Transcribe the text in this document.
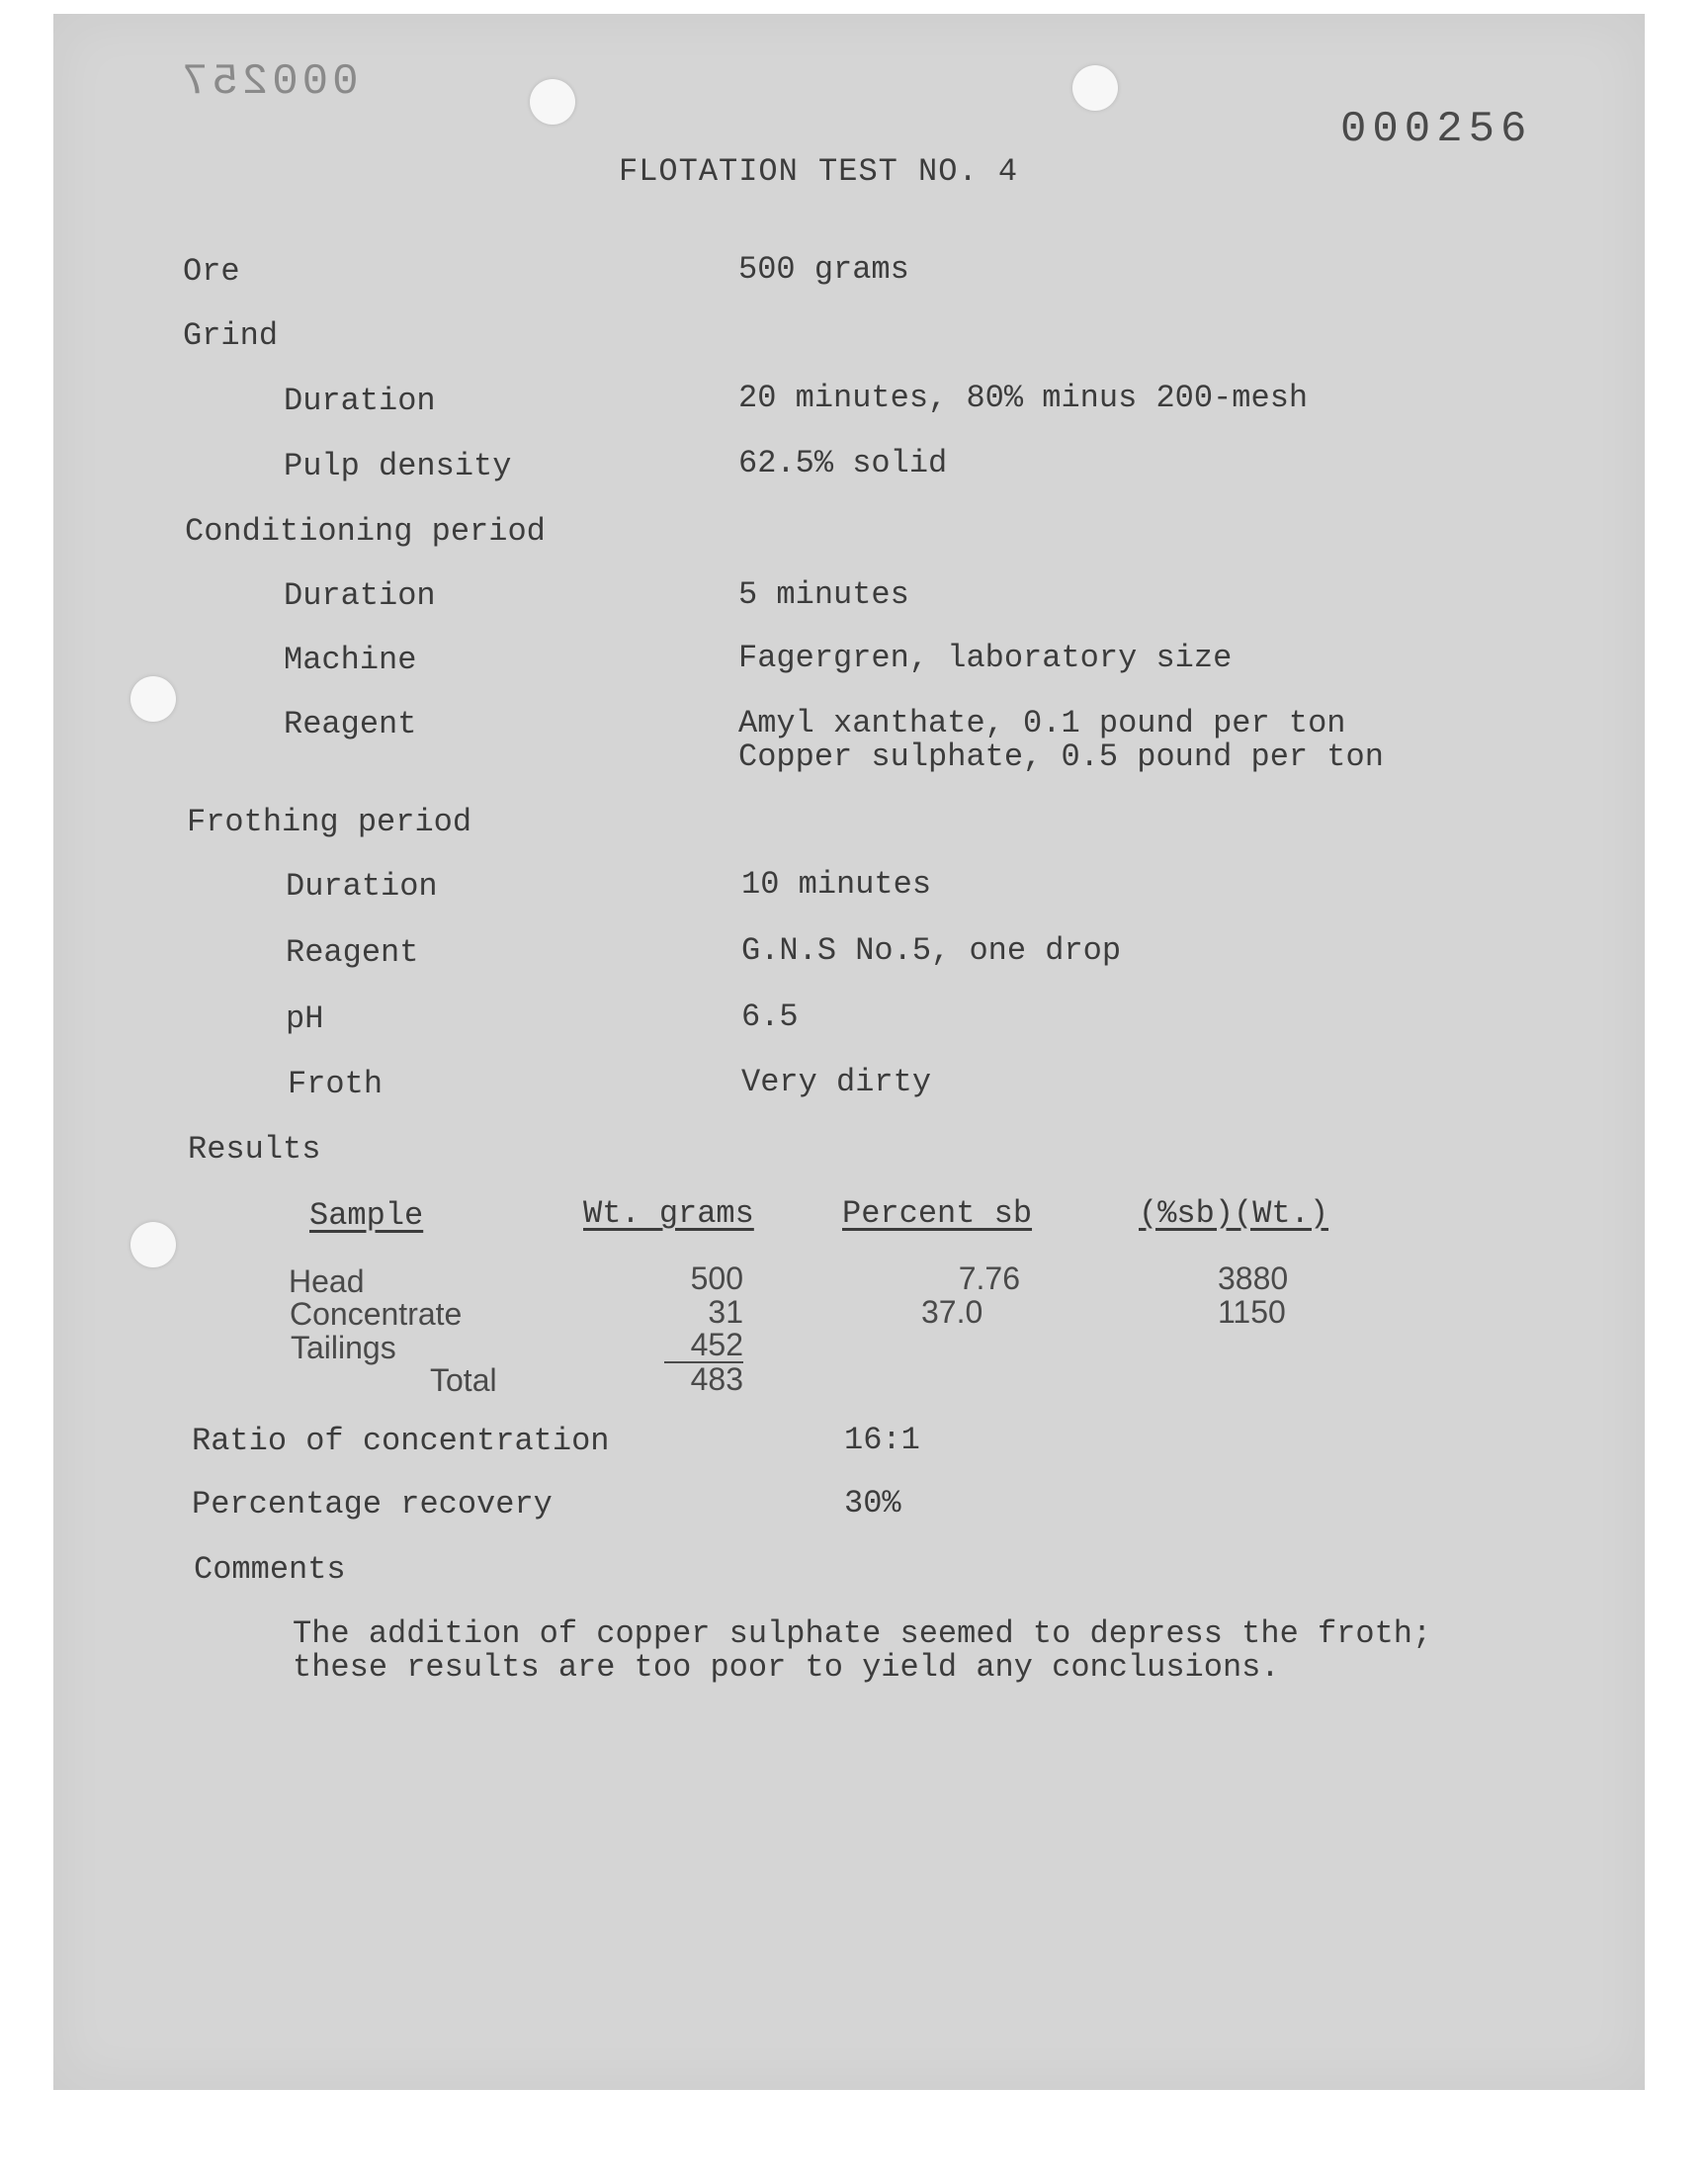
000257
000256
FLOTATION TEST NO. 4
Ore	500 grams
Grind
Duration	20 minutes, 80% minus 200-mesh
Pulp density	62.5% solid
Conditioning period
Duration	5 minutes
Machine	Fagergren, laboratory size
Reagent	Amyl xanthate, 0.1 pound per ton
Copper sulphate, 0.5 pound per ton
Frothing period
Duration	10 minutes
Reagent	G.N.S No.5, one drop
pH	6.5
Froth	Very dirty
Results
Sample	Wt. grams	Percent sb	(%sb)(Wt.)
Head	500	7.76	3880
Concentrate	31	37.0	1150
Tailings	452
Total	483
Ratio of concentration	16:1
Percentage recovery	30%
Comments
The addition of copper sulphate seemed to depress the froth;
these results are too poor to yield any conclusions.
